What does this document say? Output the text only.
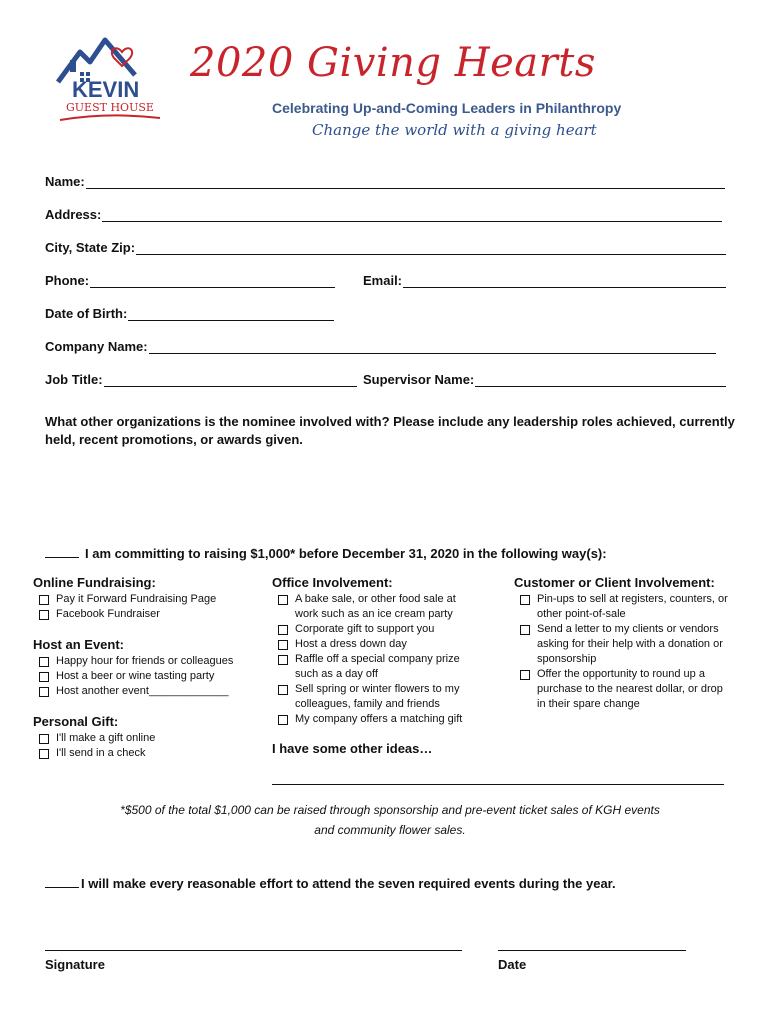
KEVIN
GUEST HOUSE
2020 Giving Hearts
Celebrating Up-and-Coming Leaders in Philanthropy
Change the world with a giving heart
Name:
Address:
City, State Zip:
Phone:	Email:
Date of Birth:
Company Name:
Job Title:	Supervisor Name:
What other organizations is the nominee involved with? Please include any leadership roles achieved, currently held, recent promotions, or awards given.
I am committing to raising $1,000* before December 31, 2020 in the following way(s):
Online Fundraising:
Pay it Forward Fundraising Page
Facebook Fundraiser
Host an Event:
Happy hour for friends or colleagues
Host a beer or wine tasting party
Host another event_____________
Personal Gift:
I'll make a gift online
I'll send in a check
Office Involvement:
A bake sale, or other food sale at work such as an ice cream party
Corporate gift to support you
Host a dress down day
Raffle off a special company prize such as a day off
Sell spring or winter flowers to my colleagues, family and friends
My company offers a matching gift
I have some other ideas…
Customer or Client Involvement:
Pin-ups to sell at registers, counters, or other point-of-sale
Send a letter to my clients or vendors asking for their help with a donation or sponsorship
Offer the opportunity to round up a purchase to the nearest dollar, or drop in their spare change
*$500 of the total $1,000 can be raised through sponsorship and pre-event ticket sales of KGH events and community flower sales.
I will make every reasonable effort to attend the seven required events during the year.
Signature	Date
